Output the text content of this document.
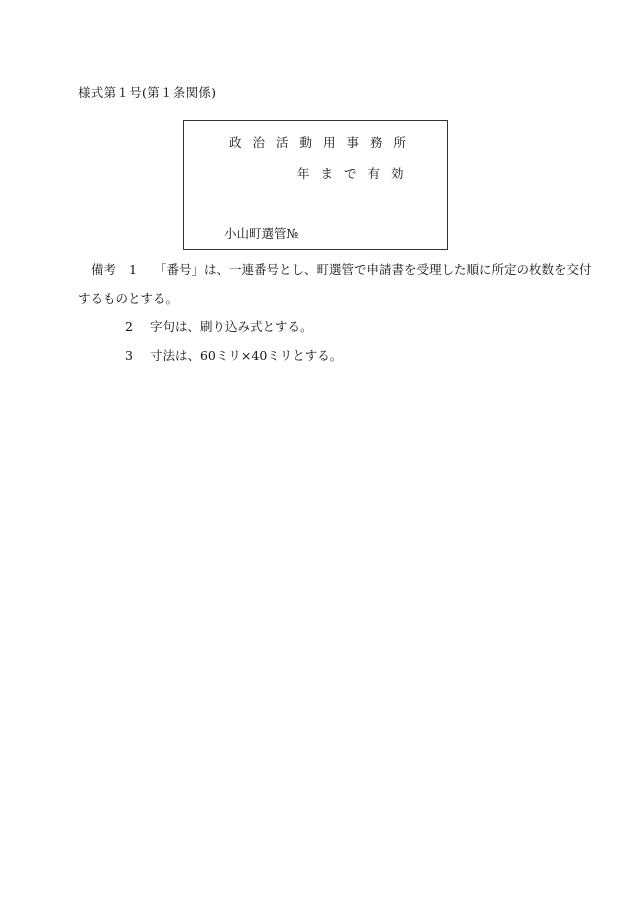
様式第１号(第１条関係)
政治活動用事務所
年まで有効
小山町選管№
備考 1 「番号」は、一連番号とし、町選管で申請書を受理した順に所定の枚数を交付
するものとする。
2 字句は、刷り込み式とする。
3 寸法は、60ミリ×40ミリとする。
